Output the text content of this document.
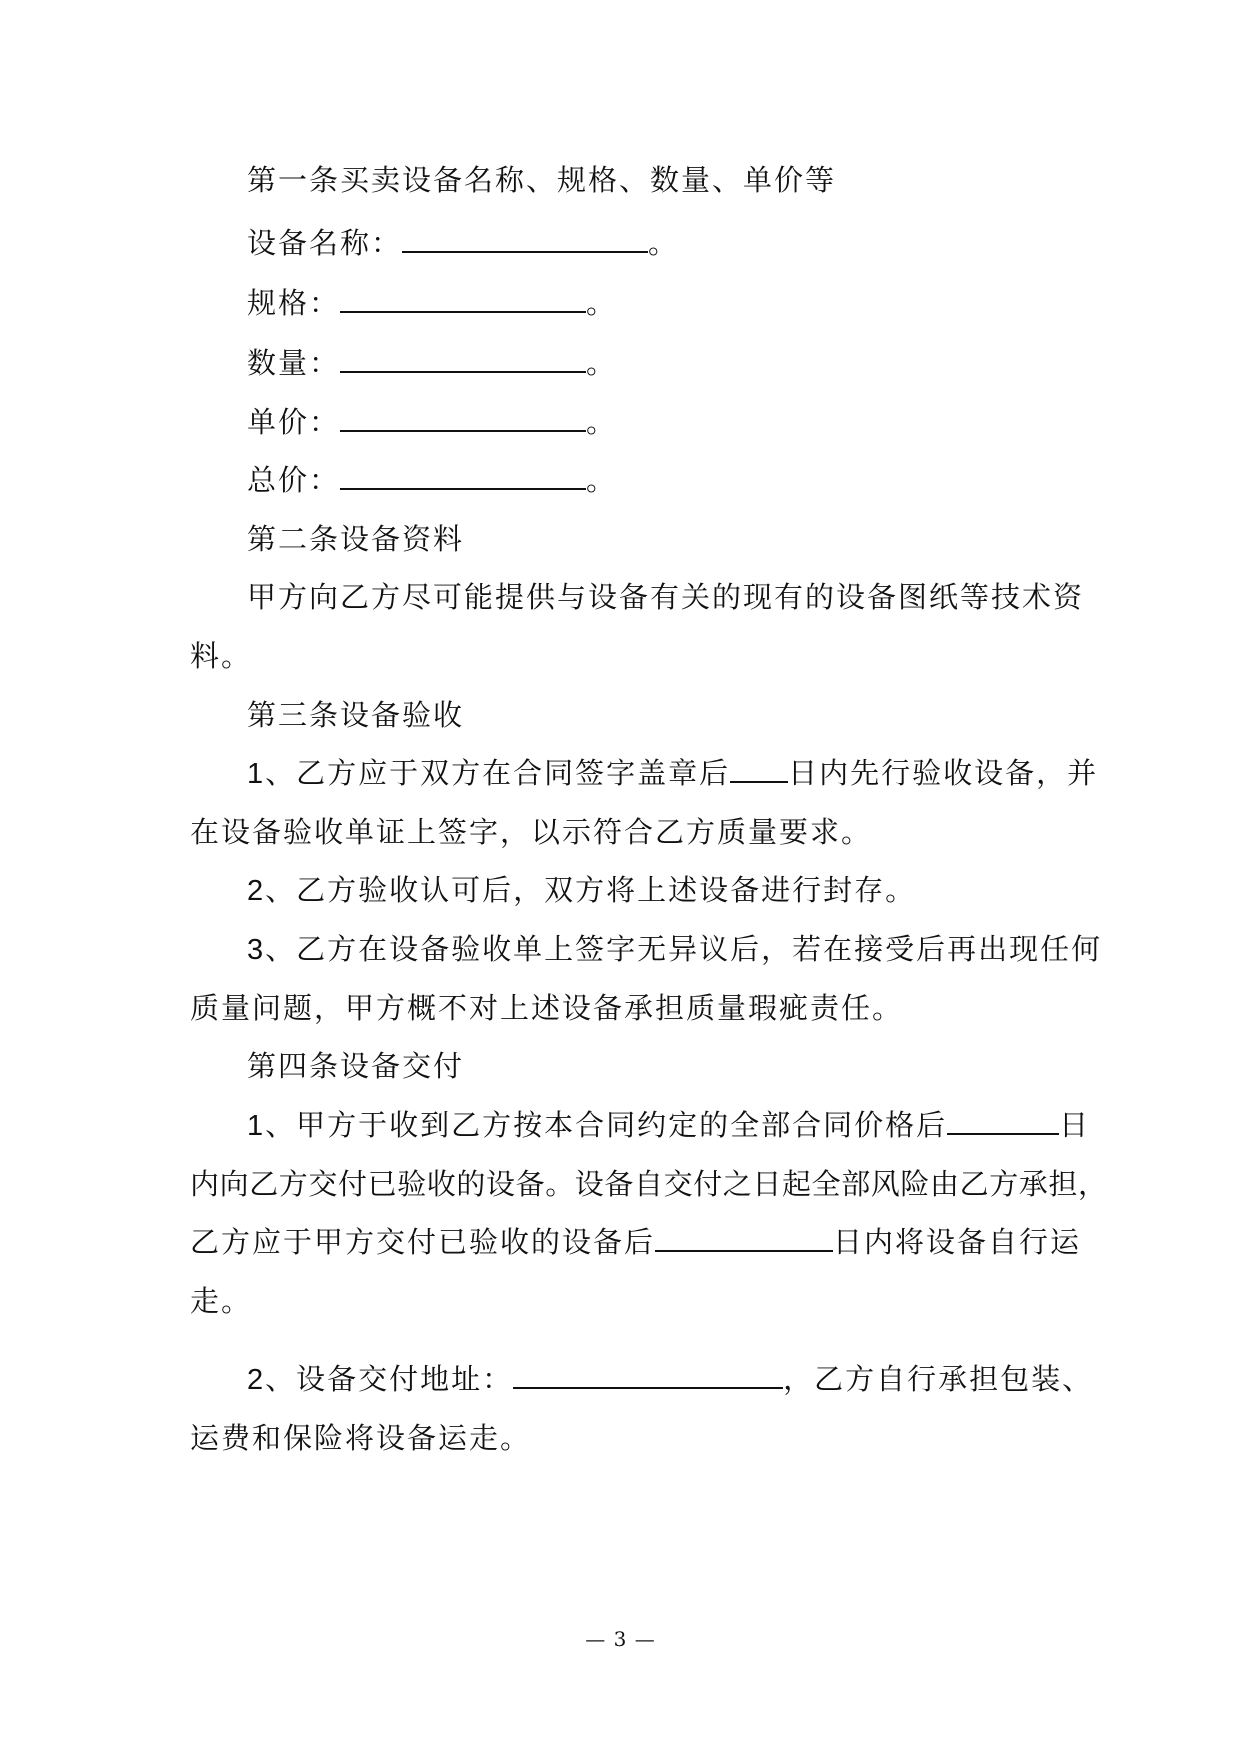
第一条买卖设备名称、规格、数量、单价等
设备名称：	。
规格：	。
数量：	。
单价：	。
总价：	。
第二条设备资料
甲方向乙方尽可能提供与设备有关的现有的设备图纸等技术资
料。
第三条设备验收
1、乙方应于双方在合同签字盖章后 日内先行验收设备，并
在设备验收单证上签字，以示符合乙方质量要求。
2、乙方验收认可后，双方将上述设备进行封存。
3、乙方在设备验收单上签字无异议后，若在接受后再出现任何
质量问题，甲方概不对上述设备承担质量瑕疵责任。
第四条设备交付
1、甲方于收到乙方按本合同约定的全部合同价格后	日
内向乙方交付已验收的设备。设备自交付之日起全部风险由乙方承担，
乙方应于甲方交付已验收的设备后	日内将设备自行运
走。
2、设备交付地址：	，乙方自行承担包装、
运费和保险将设备运走。
— 3 —
